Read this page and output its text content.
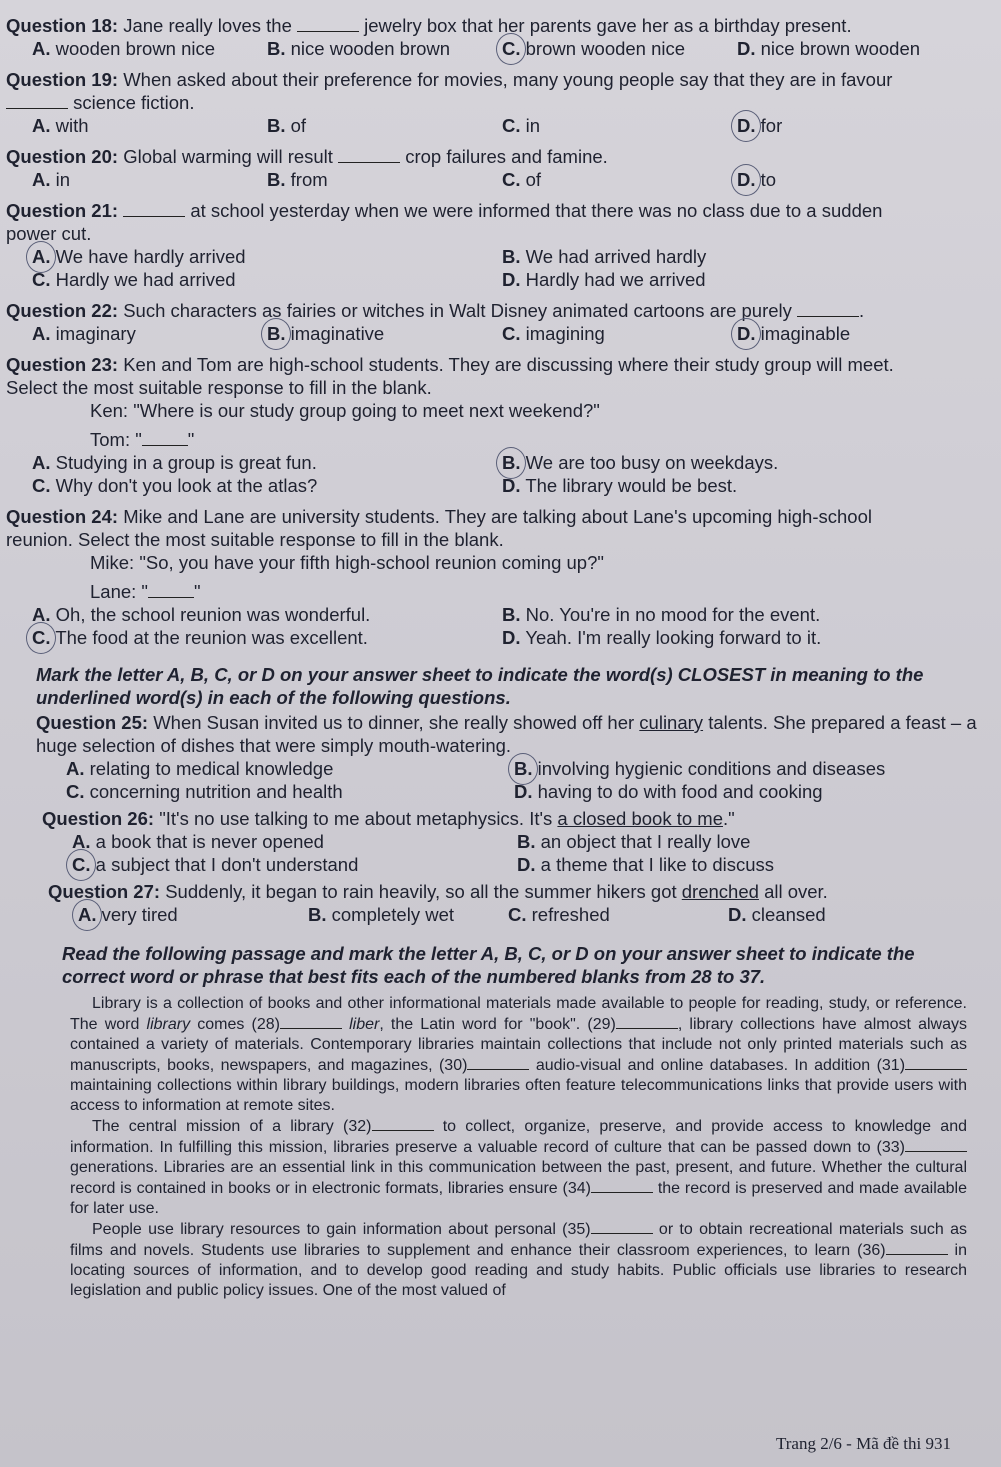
Question 18: Jane really loves the	jewelry box that her parents gave her as a birthday present.

A. wooden brown nice	B. nice wooden brown	C. brown wooden nice	D. nice brown wooden

Question 19: When asked about their preference for movies, many young people say that they are in favour
science fiction.

A. with	B. of	C. in	D. for

Question 20: Global warming will result	crop failures and famine.

A. in	B. from	C. of	D. to

Question 21:	at school yesterday when we were informed that there was no class due to a sudden
power cut.

A. We have hardly arrived	B. We had arrived hardly
C. Hardly we had arrived	D. Hardly had we arrived

Question 22: Such characters as fairies or witches in Walt Disney animated cartoons are purely	.

A. imaginary	B. imaginative	C. imagining	D. imaginable

Question 23: Ken and Tom are high-school students. They are discussing where their study group will meet.
Select the most suitable response to fill in the blank.

Ken: "Where is our study group going to meet next weekend?"

Tom: " "

A. Studying in a group is great fun.	B. We are too busy on weekdays.
C. Why don't you look at the atlas?	D. The library would be best.

Question 24: Mike and Lane are university students. They are talking about Lane's upcoming high-school
reunion. Select the most suitable response to fill in the blank.

Mike: "So, you have your fifth high-school reunion coming up?"

Lane: " "

A. Oh, the school reunion was wonderful.	B. No. You're in no mood for the event.
C. The food at the reunion was excellent.	D. Yeah. I'm really looking forward to it.

Mark the letter A, B, C, or D on your answer sheet to indicate the word(s) CLOSEST in meaning to the underlined word(s) in each of the following questions.

Question 25: When Susan invited us to dinner, she really showed off her culinary talents. She prepared a feast – a huge selection of dishes that were simply mouth-watering.

A. relating to medical knowledge	B. involving hygienic conditions and diseases
C. concerning nutrition and health	D. having to do with food and cooking

Question 26: "It's no use talking to me about metaphysics. It's a closed book to me."

A. a book that is never opened	B. an object that I really love
C. a subject that I don't understand	D. a theme that I like to discuss

Question 27: Suddenly, it began to rain heavily, so all the summer hikers got drenched all over.

A. very tired	B. completely wet	C. refreshed	D. cleansed

Read the following passage and mark the letter A, B, C, or D on your answer sheet to indicate the correct word or phrase that best fits each of the numbered blanks from 28 to 37.

Library is a collection of books and other informational materials made available to people for reading, study, or reference. The word library comes (28)	liber, the Latin word for "book". (29)	, library collections have almost always contained a variety of materials. Contemporary libraries maintain collections that include not only printed materials such as manuscripts, books, newspapers, and magazines, (30)	audio-visual and online databases. In addition (31) maintaining collections within library buildings, modern libraries often feature telecommunications links that provide users with access to information at remote sites.

The central mission of a library (32)	to collect, organize, preserve, and provide access to knowledge and information. In fulfilling this mission, libraries preserve a valuable record of culture that can be passed down to (33) generations. Libraries are an essential link in this communication between the past, present, and future. Whether the cultural record is contained in books or in electronic formats, libraries ensure (34)	the record is preserved and made available for later use.

People use library resources to gain information about personal (35)	or to obtain recreational materials such as films and novels. Students use libraries to supplement and enhance their classroom experiences, to learn (36)	in locating sources of information, and to develop good reading and study habits. Public officials use libraries to research legislation and public policy issues. One of the most valued of

Trang 2/6 - Mã đề thi 931
